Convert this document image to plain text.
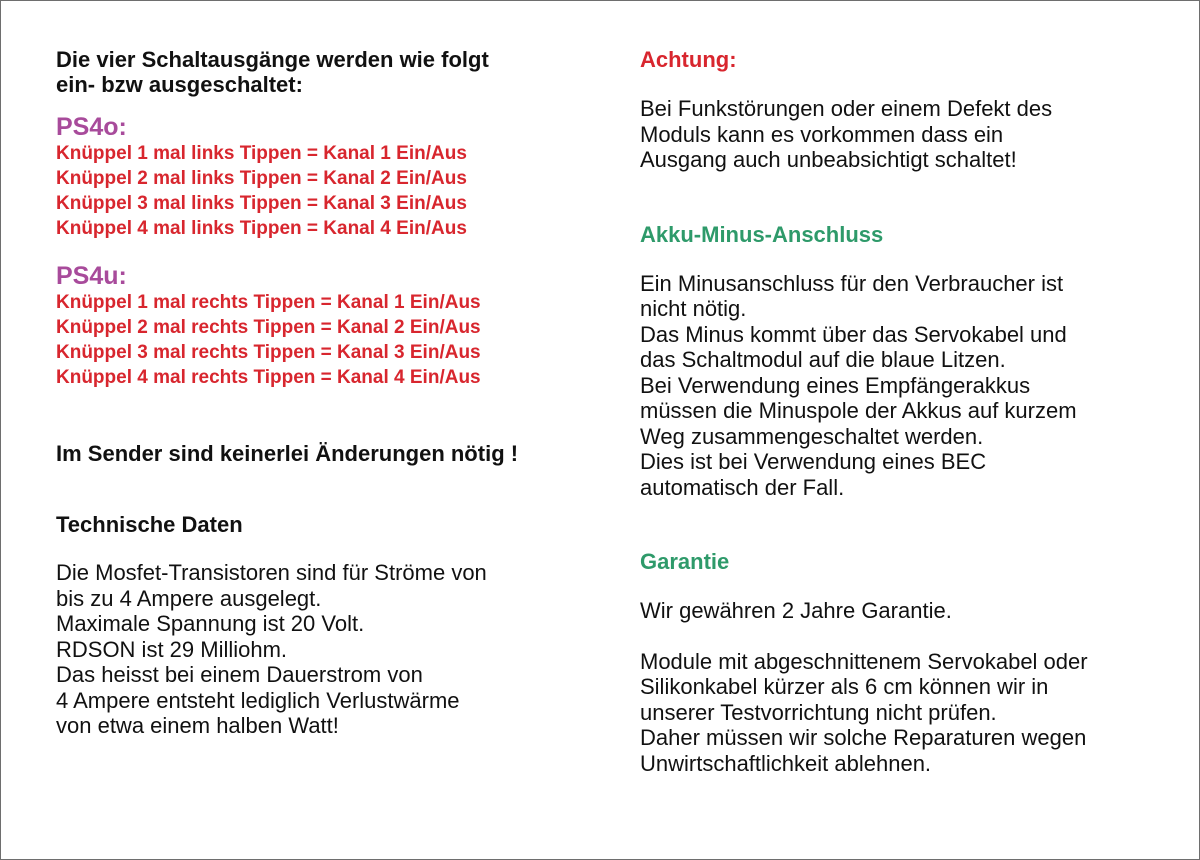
Die vier Schaltausgänge werden wie folgt
ein- bzw ausgeschaltet:

PS4o:
Knüppel 1 mal links Tippen = Kanal 1 Ein/Aus
Knüppel 2 mal links Tippen = Kanal 2 Ein/Aus
Knüppel 3 mal links Tippen = Kanal 3 Ein/Aus
Knüppel 4 mal links Tippen = Kanal 4 Ein/Aus
PS4u:
Knüppel 1 mal rechts Tippen = Kanal 1 Ein/Aus
Knüppel 2 mal rechts Tippen = Kanal 2 Ein/Aus
Knüppel 3 mal rechts Tippen = Kanal 3 Ein/Aus
Knüppel 4 mal rechts Tippen = Kanal 4 Ein/Aus

Im Sender sind keinerlei Änderungen nötig !

Technische Daten

Die Mosfet-Transistoren sind für Ströme von
bis zu 4 Ampere ausgelegt.
Maximale Spannung ist 20 Volt.
RDSON ist 29 Milliohm.
Das heisst bei einem Dauerstrom von
4 Ampere entsteht lediglich Verlustwärme
von etwa einem halben Watt!

Achtung:

Bei Funkstörungen oder einem Defekt des
Moduls kann es vorkommen dass ein
Ausgang auch unbeabsichtigt schaltet!

Akku-Minus-Anschluss

Ein Minusanschluss für den Verbraucher ist
nicht nötig.
Das Minus kommt über das Servokabel und
das Schaltmodul auf die blaue Litzen.
Bei Verwendung eines Empfängerakkus
müssen die Minuspole der Akkus auf kurzem
Weg zusammengeschaltet werden.
Dies ist bei Verwendung eines BEC
automatisch der Fall.

Garantie

Wir gewähren 2 Jahre Garantie.

Module mit abgeschnittenem Servokabel oder
Silikonkabel kürzer als 6 cm können wir in
unserer Testvorrichtung nicht prüfen.
Daher müssen wir solche Reparaturen wegen
Unwirtschaftlichkeit ablehnen.
